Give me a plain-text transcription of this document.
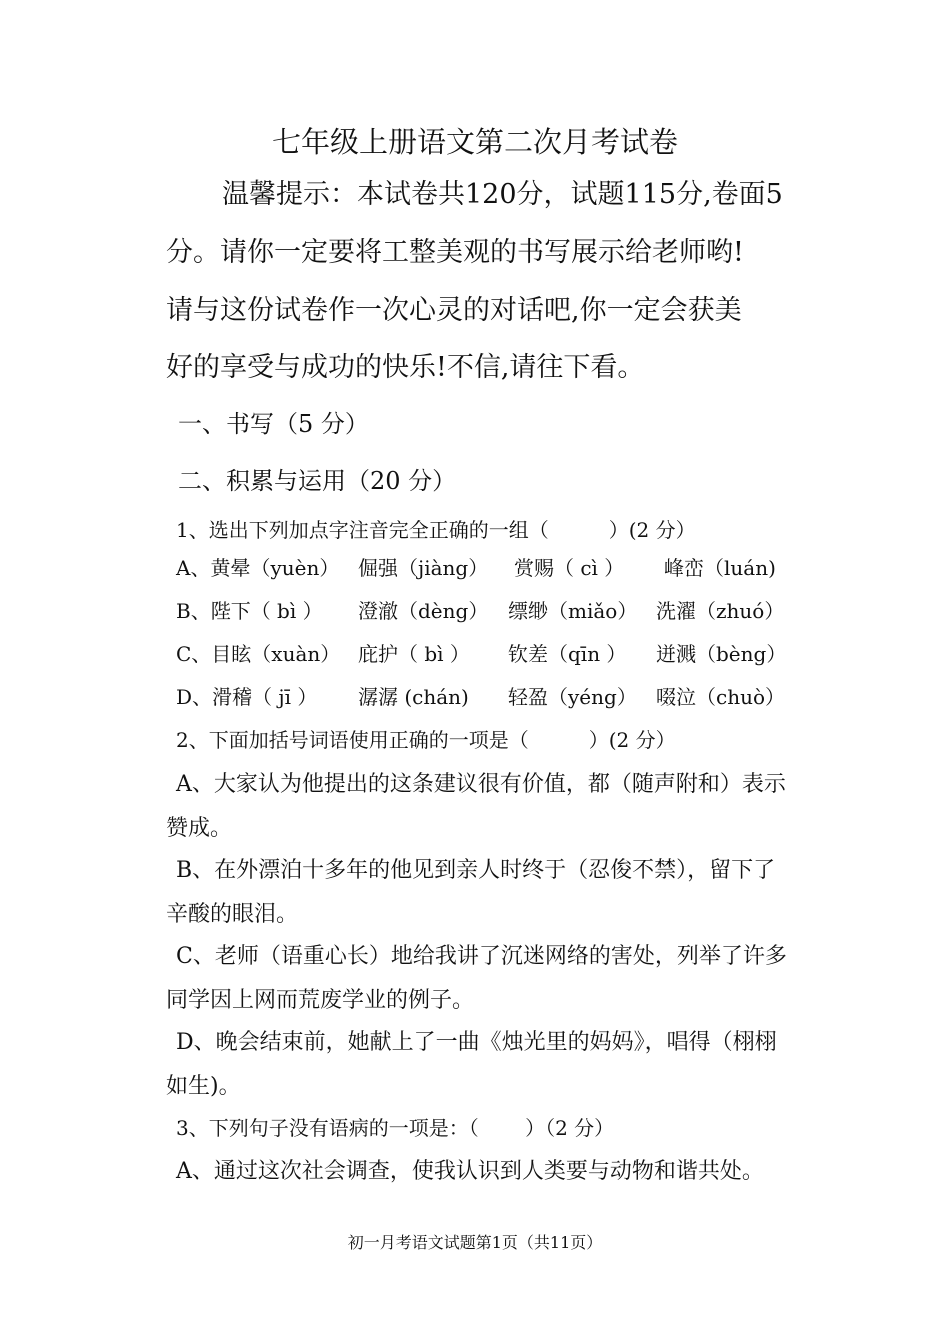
七年级上册语文第二次月考试卷
温馨提示：本试卷共120分，试题115分,卷面5
分。请你一定要将工整美观的书写展示给老师哟!
请与这份试卷作一次心灵的对话吧,你一定会获美
好的享受与成功的快乐!不信,请往下看。
一、书写（5 分）
二、积累与运用（20 分）
1、选出下列加点字注音完全正确的一组（　　　）(2 分）
A、黄晕（yuèn） 倔强（jiàng） 赏赐（ cì ） 峰峦（luán)
B、陛下（ bì ） 澄澈（dèng） 缥缈（miǎo） 洗濯（zhuó）
C、目眩（xuàn） 庇护（ bì ） 钦差（qīn ） 迸溅（bèng）
D、滑稽（ jī ） 潺潺 (chán) 轻盈（yéng） 啜泣（chuò）
2、下面加括号词语使用正确的一项是（　　　）(2 分）
A、大家认为他提出的这条建议很有价值，都（随声附和）表示
赞成。
B、在外漂泊十多年的他见到亲人时终于（忍俊不禁），留下了
辛酸的眼泪。
C、老师（语重心长）地给我讲了沉迷网络的害处，列举了许多
同学因上网而荒废学业的例子。
D、晚会结束前，她献上了一曲《烛光里的妈妈》，唱得（栩栩
如生)。
3、下列句子没有语病的一项是：（　　 ）（2 分）
A、通过这次社会调查，使我认识到人类要与动物和谐共处。
初一月考语文试题第1页（共11页）
